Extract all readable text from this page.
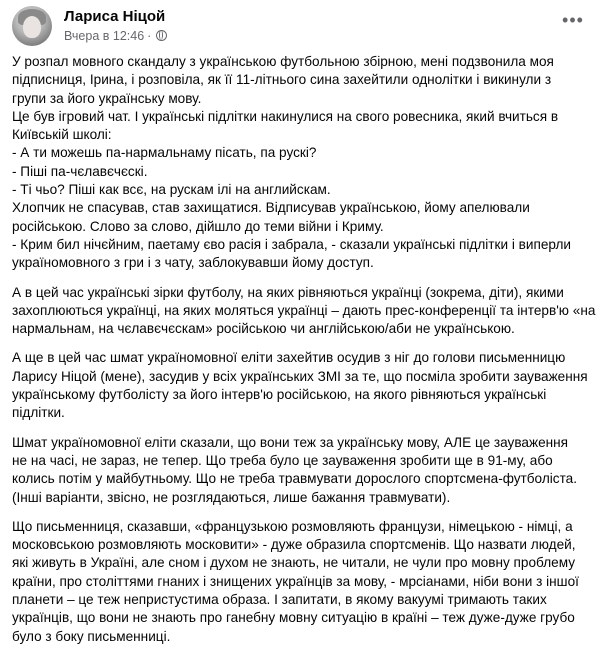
Лариса Ніцой
Вчера в 12:46 ·
•••
У розпал мовного скандалу з українською футбольною збірною, мені подзвонила моя
підписниця, Ірина, і розповіла, як її 11-літнього сина захейтили однолітки і викинули з
групи за його українську мову.
Це був ігровий чат. І українські підлітки накинулися на свого ровесника, який вчиться в
Київській школі:
- А ти можешь па-нармальнаму пісать, па рускі?
- Піші па-чєлавєчєскі.
- Ті чьо? Піші как всє, на рускам ілі на английскам.
Хлопчик не спасував, став захищатися. Відписував українською, йому апелювали
російською. Слово за слово, дійшло до теми війни і Криму.
- Крим бил нічєйним, паетаму єво расія і забрала, - сказали українські підлітки і виперли
україномовного з гри і з чату, заблокувавши йому доступ.
А в цей час українські зірки футболу, на яких рівняються українці (зокрема, діти), якими
захоплюються українці, на яких моляться українці – дають прес-конференції та інтерв'ю «на
нармальнам, на чєлавєчєскам» російською чи англійською/аби не українською.
А ще в цей час шмат україномовної еліти захейтив осудив з ніг до голови письменницю
Ларису Ніцой (мене), засудив у всіх українських ЗМІ за те, що посміла зробити зауваження
українському футболісту за його інтерв'ю російською, на якого рівняються українські
підлітки.
Шмат україномовної еліти сказали, що вони теж за українську мову, АЛЕ це зауваження
не на часі, не зараз, не тепер. Що треба було це зауваження зробити ще в 91-му, або
колись потім у майбутньому. Що не треба травмувати дорослого спортсмена-футболіста.
(Інші варіанти, звісно, не розглядаються, лише бажання травмувати).
Що письменниця, сказавши, «французькою розмовляють французи, німецькою - німці, а
московською розмовляють московити» - дуже образила спортсменів. Що назвати людей,
які живуть в Україні, але сном і духом не знають, не читали, не чули про мовну проблему
країни, про століттями гнаних і знищених українців за мову, - мрсіанами, ніби вони з іншої
планети – це теж непристустима образа. І запитати, в якому вакуумі тримають таких
українців, що вони не знають про ганебну мовну ситуацію в країні – теж дуже-дуже грубо
було з боку письменниці.
